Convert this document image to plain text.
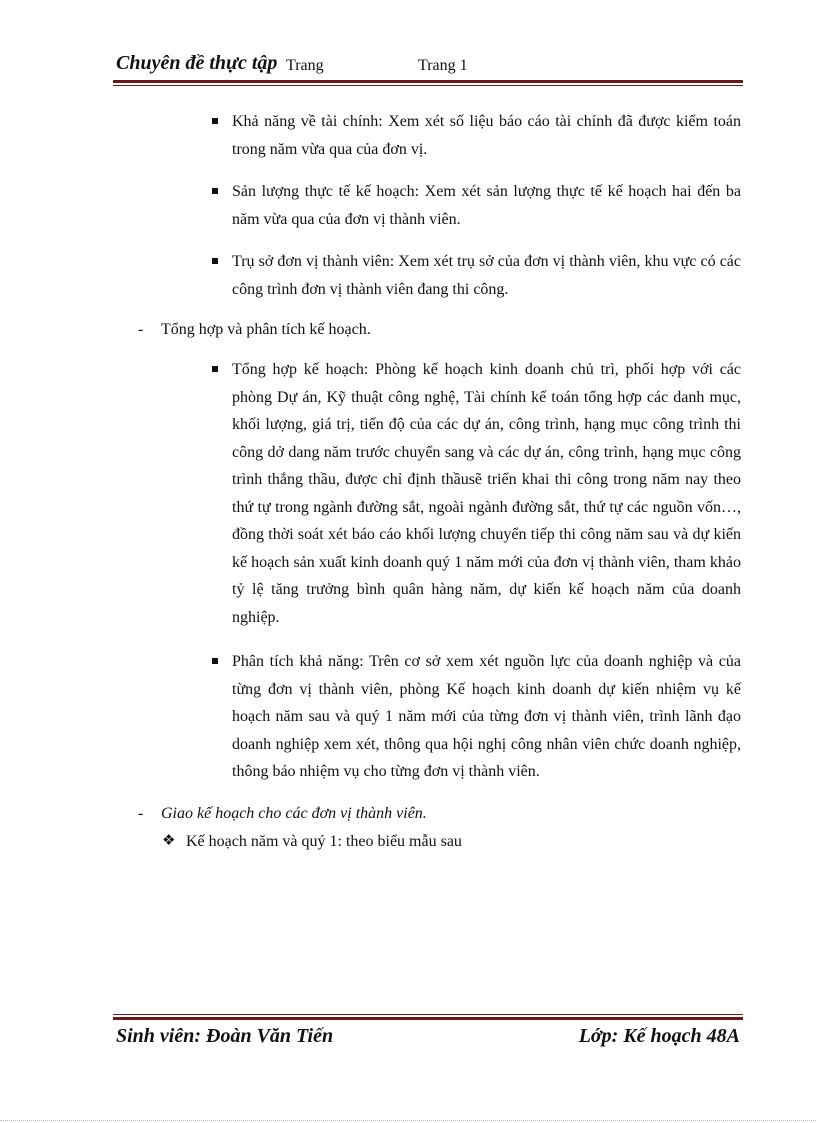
Chuyên đề thực tập Trang	Trang 1
Khả năng về tài chính: Xem xét số liệu báo cáo tài chính đã được kiểm toán trong năm vừa qua của đơn vị.
Sản lượng thực tế kế hoạch: Xem xét sản lượng thực tế kế hoạch hai đến ba năm vừa qua của đơn vị thành viên.
Trụ sở đơn vị thành viên: Xem xét trụ sở của đơn vị thành viên, khu vực có các công trình đơn vị thành viên đang thi công.
- Tổng hợp và phân tích kế hoạch.
Tổng hợp kế hoạch: Phòng kế hoạch kinh doanh chủ trì, phối hợp với các phòng Dự án, Kỹ thuật công nghệ, Tài chính kế toán tổng hợp các danh mục, khối lượng, giá trị, tiến độ của các dự án, công trình, hạng mục công trình thi công dở dang năm trước chuyển sang và các dự án, công trình, hạng mục công trình thắng thầu, được chỉ định thầusẽ triển khai thi công trong năm nay theo thứ tự trong ngành đường sắt, ngoài ngành đường sắt, thứ tự các nguồn vốn…, đồng thời soát xét báo cáo khối lượng chuyển tiếp thi công năm sau và dự kiến kế hoạch sản xuất kinh doanh quý 1 năm mới của đơn vị thành viên, tham khảo tỷ lệ tăng trưởng bình quân hàng năm, dự kiến kế hoạch năm của doanh nghiệp.
Phân tích khả năng: Trên cơ sở xem xét nguồn lực của doanh nghiệp và của từng đơn vị thành viên, phòng Kế hoạch kinh doanh dự kiến nhiệm vụ kế hoạch năm sau và quý 1 năm mới của từng đơn vị thành viên, trình lãnh đạo doanh nghiệp xem xét, thông qua hội nghị công nhân viên chức doanh nghiệp, thông báo nhiệm vụ cho từng đơn vị thành viên.
- Giao kế hoạch cho các đơn vị thành viên.
❖ Kế hoạch năm và quý 1: theo biểu mẫu sau
Sinh viên: Đoàn Văn Tiến	Lớp: Kế hoạch 48A
